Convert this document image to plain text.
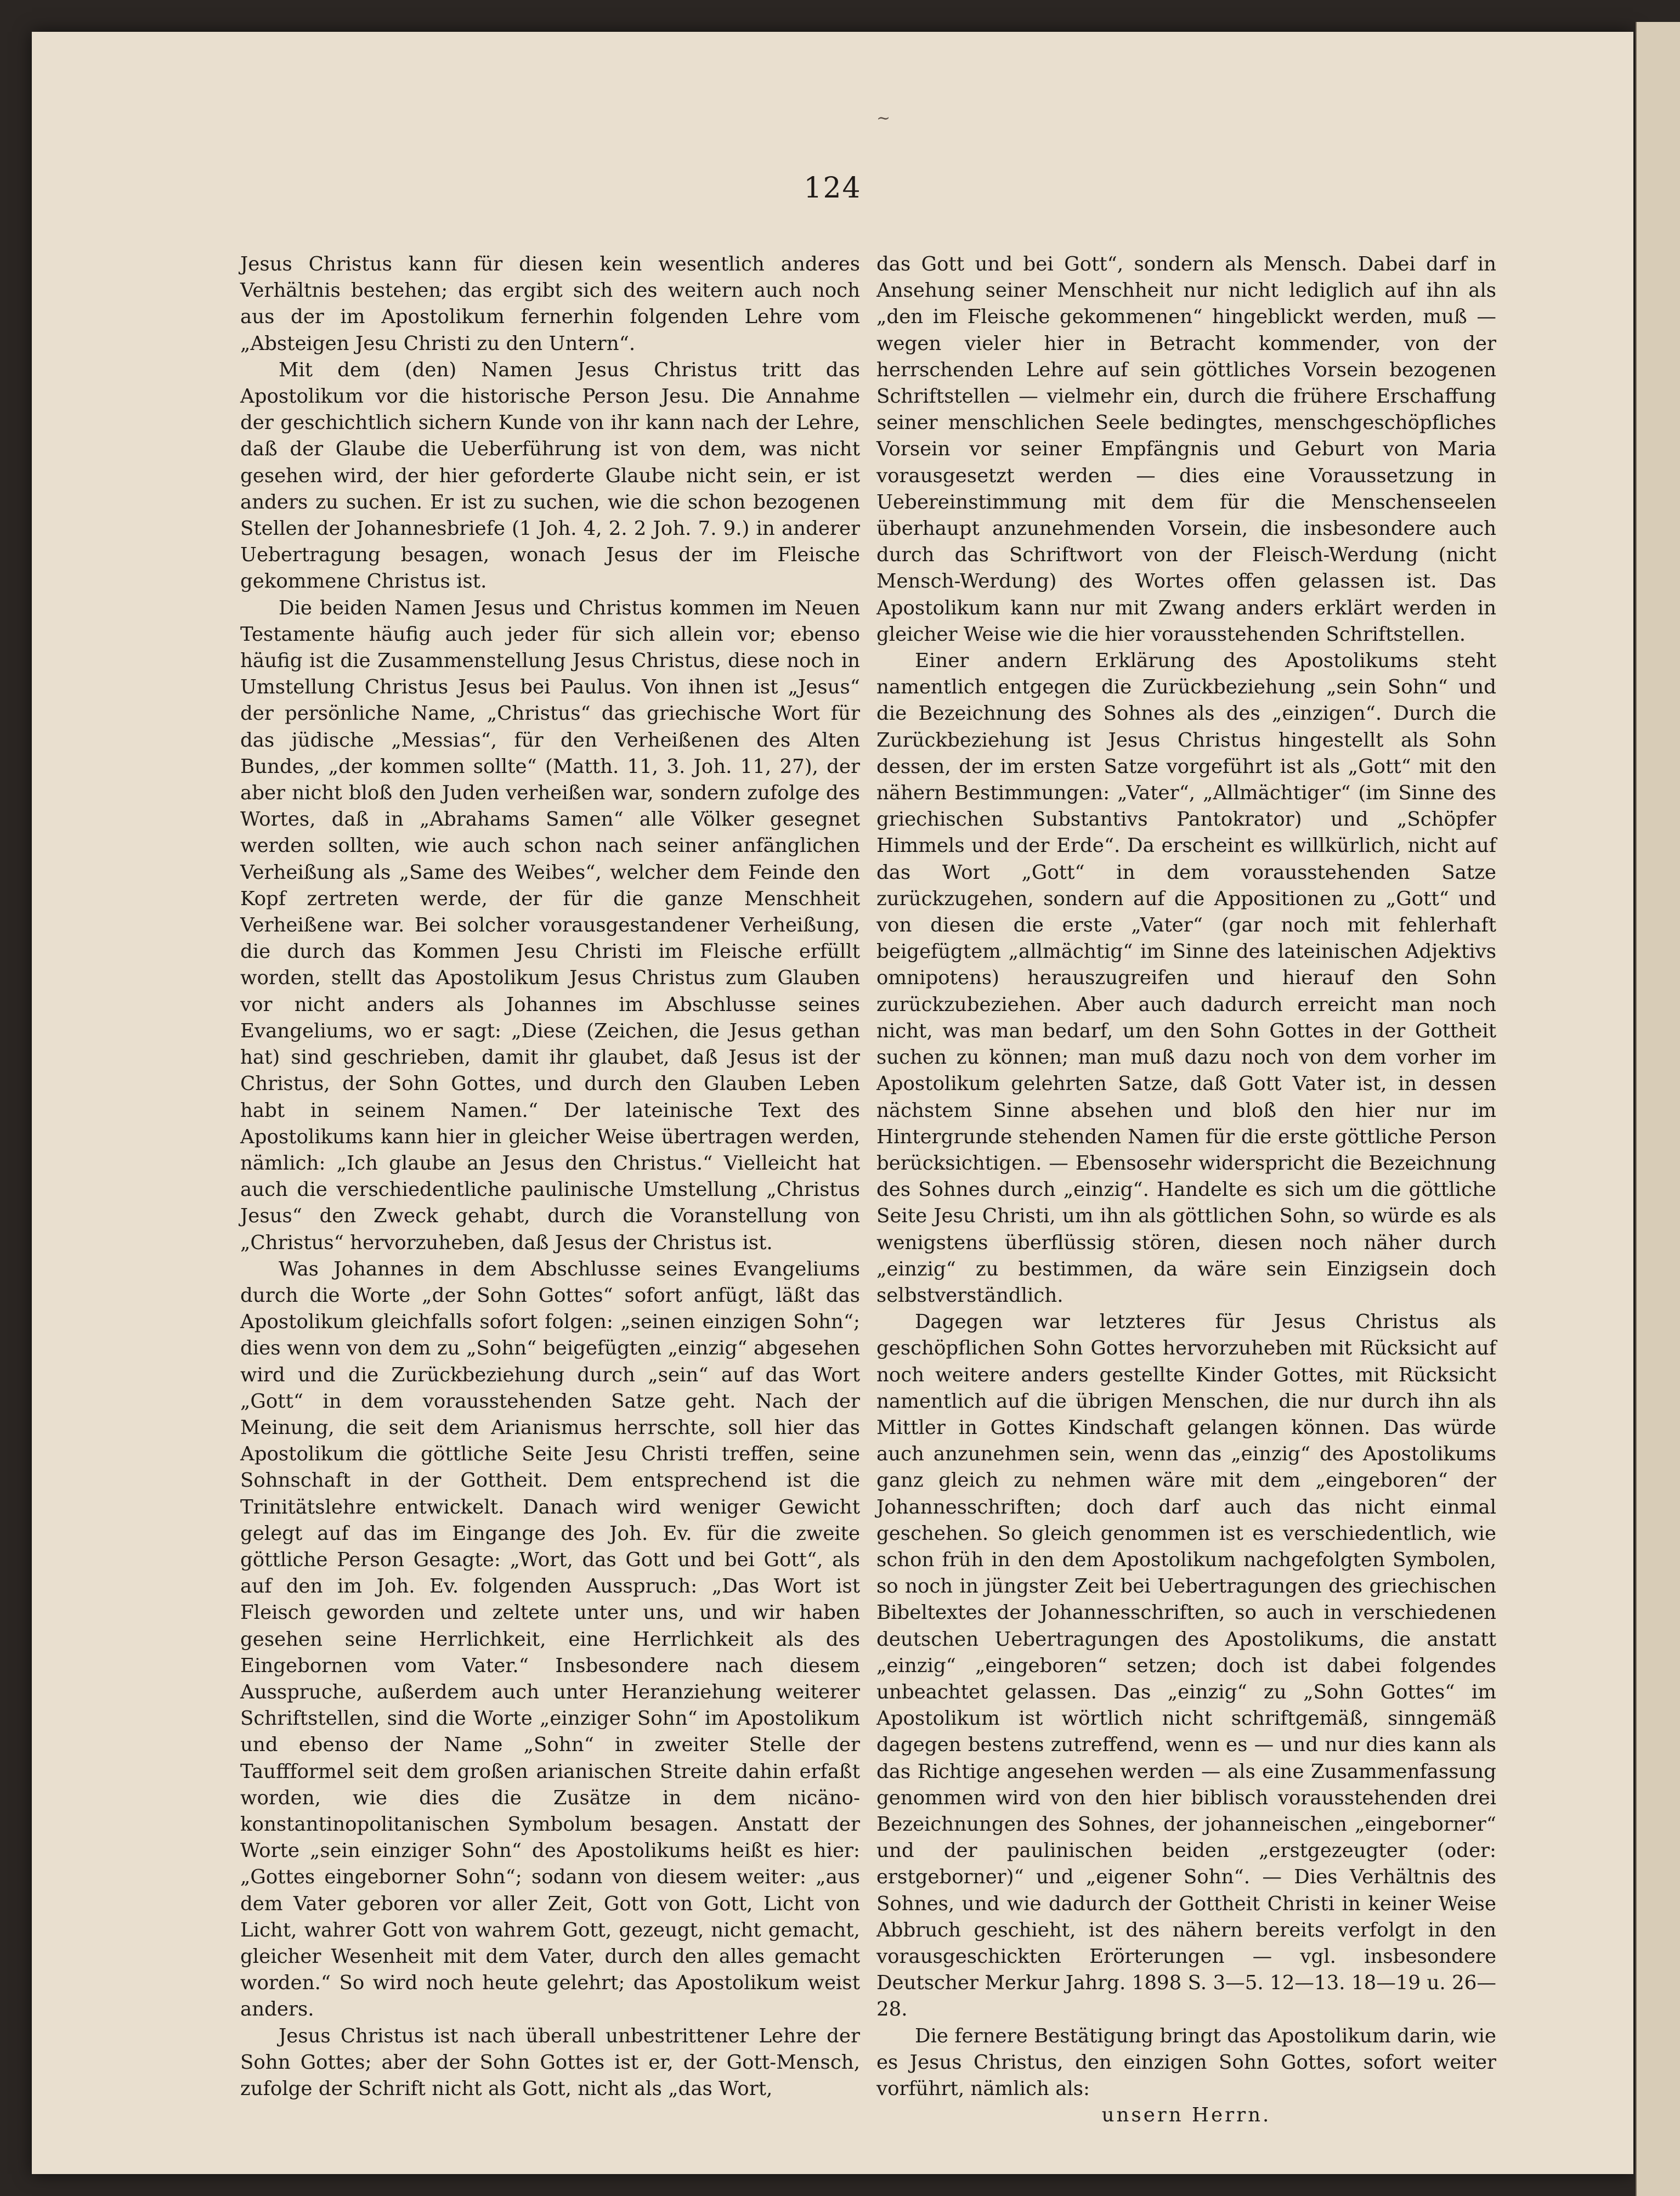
~
124

Jesus Christus kann für diesen kein wesentlich anderes Verhältnis bestehen; das ergibt sich des weitern auch noch aus der im Apostolikum fernerhin folgenden Lehre vom „Absteigen Jesu Christi zu den Untern“.

Mit dem (den) Namen Jesus Christus tritt das Apostolikum vor die historische Person Jesu. Die Annahme der geschichtlich sichern Kunde von ihr kann nach der Lehre, daß der Glaube die Ueberführung ist von dem, was nicht gesehen wird, der hier geforderte Glaube nicht sein, er ist anders zu suchen. Er ist zu suchen, wie die schon bezogenen Stellen der Johannesbriefe (1 Joh. 4, 2. 2 Joh. 7. 9.) in anderer Uebertragung besagen, wonach Jesus der im Fleische gekommene Christus ist.

Die beiden Namen Jesus und Christus kommen im Neuen Testamente häufig auch jeder für sich allein vor; ebenso häufig ist die Zusammenstellung Jesus Christus, diese noch in Umstellung Christus Jesus bei Paulus. Von ihnen ist „Jesus“ der persönliche Name, „Christus“ das griechische Wort für das jüdische „Messias“, für den Verheißenen des Alten Bundes, „der kommen sollte“ (Matth. 11, 3. Joh. 11, 27), der aber nicht bloß den Juden verheißen war, sondern zufolge des Wortes, daß in „Abrahams Samen“ alle Völker gesegnet werden sollten, wie auch schon nach seiner anfänglichen Verheißung als „Same des Weibes“, welcher dem Feinde den Kopf zertreten werde, der für die ganze Menschheit Verheißene war. Bei solcher vorausgestandener Verheißung, die durch das Kommen Jesu Christi im Fleische erfüllt worden, stellt das Apostolikum Jesus Christus zum Glauben vor nicht anders als Johannes im Abschlusse seines Evangeliums, wo er sagt: „Diese (Zeichen, die Jesus gethan hat) sind geschrieben, damit ihr glaubet, daß Jesus ist der Christus, der Sohn Gottes, und durch den Glauben Leben habt in seinem Namen.“ Der lateinische Text des Apostolikums kann hier in gleicher Weise übertragen werden, nämlich: „Ich glaube an Jesus den Christus.“ Vielleicht hat auch die verschiedentliche paulinische Umstellung „Christus Jesus“ den Zweck gehabt, durch die Voranstellung von „Christus“ hervorzuheben, daß Jesus der Christus ist.

Was Johannes in dem Abschlusse seines Evangeliums durch die Worte „der Sohn Gottes“ sofort anfügt, läßt das Apostolikum gleichfalls sofort folgen: „seinen einzigen Sohn“; dies wenn von dem zu „Sohn“ beigefügten „einzig“ abgesehen wird und die Zurückbeziehung durch „sein“ auf das Wort „Gott“ in dem vorausstehenden Satze geht. Nach der Meinung, die seit dem Arianismus herrschte, soll hier das Apostolikum die göttliche Seite Jesu Christi treffen, seine Sohnschaft in der Gottheit. Dem entsprechend ist die Trinitätslehre entwickelt. Danach wird weniger Gewicht gelegt auf das im Eingange des Joh. Ev. für die zweite göttliche Person Gesagte: „Wort, das Gott und bei Gott“, als auf den im Joh. Ev. folgenden Ausspruch: „Das Wort ist Fleisch geworden und zeltete unter uns, und wir haben gesehen seine Herrlichkeit, eine Herrlichkeit als des Eingebornen vom Vater.“ Insbesondere nach diesem Ausspruche, außerdem auch unter Heranziehung weiterer Schriftstellen, sind die Worte „einziger Sohn“ im Apostolikum und ebenso der Name „Sohn“ in zweiter Stelle der Tauffformel seit dem großen arianischen Streite dahin erfaßt worden, wie dies die Zusätze in dem nicäno-konstantinopolitanischen Symbolum besagen. Anstatt der Worte „sein einziger Sohn“ des Apostolikums heißt es hier: „Gottes eingeborner Sohn“; sodann von diesem weiter: „aus dem Vater geboren vor aller Zeit, Gott von Gott, Licht von Licht, wahrer Gott von wahrem Gott, gezeugt, nicht gemacht, gleicher Wesenheit mit dem Vater, durch den alles gemacht worden.“ So wird noch heute gelehrt; das Apostolikum weist anders.

Jesus Christus ist nach überall unbestrittener Lehre der Sohn Gottes; aber der Sohn Gottes ist er, der Gott-Mensch, zufolge der Schrift nicht als Gott, nicht als „das Wort,

das Gott und bei Gott“, sondern als Mensch. Dabei darf in Ansehung seiner Menschheit nur nicht lediglich auf ihn als „den im Fleische gekommenen“ hingeblickt werden, muß — wegen vieler hier in Betracht kommender, von der herrschenden Lehre auf sein göttliches Vorsein bezogenen Schriftstellen — vielmehr ein, durch die frühere Erschaffung seiner menschlichen Seele bedingtes, menschgeschöpfliches Vorsein vor seiner Empfängnis und Geburt von Maria vorausgesetzt werden — dies eine Voraussetzung in Uebereinstimmung mit dem für die Menschenseelen überhaupt anzunehmenden Vorsein, die insbesondere auch durch das Schriftwort von der Fleisch-Werdung (nicht Mensch-Werdung) des Wortes offen gelassen ist. Das Apostolikum kann nur mit Zwang anders erklärt werden in gleicher Weise wie die hier vorausstehenden Schriftstellen.

Einer andern Erklärung des Apostolikums steht namentlich entgegen die Zurückbeziehung „sein Sohn“ und die Bezeichnung des Sohnes als des „einzigen“. Durch die Zurückbeziehung ist Jesus Christus hingestellt als Sohn dessen, der im ersten Satze vorgeführt ist als „Gott“ mit den nähern Bestimmungen: „Vater“, „Allmächtiger“ (im Sinne des griechischen Substantivs Pantokrator) und „Schöpfer Himmels und der Erde“. Da erscheint es willkürlich, nicht auf das Wort „Gott“ in dem vorausstehenden Satze zurückzugehen, sondern auf die Appositionen zu „Gott“ und von diesen die erste „Vater“ (gar noch mit fehlerhaft beigefügtem „allmächtig“ im Sinne des lateinischen Adjektivs omnipotens) herauszugreifen und hierauf den Sohn zurückzubeziehen. Aber auch dadurch erreicht man noch nicht, was man bedarf, um den Sohn Gottes in der Gottheit suchen zu können; man muß dazu noch von dem vorher im Apostolikum gelehrten Satze, daß Gott Vater ist, in dessen nächstem Sinne absehen und bloß den hier nur im Hintergrunde stehenden Namen für die erste göttliche Person berücksichtigen. — Ebensosehr widerspricht die Bezeichnung des Sohnes durch „einzig“. Handelte es sich um die göttliche Seite Jesu Christi, um ihn als göttlichen Sohn, so würde es als wenigstens überflüssig stören, diesen noch näher durch „einzig“ zu bestimmen, da wäre sein Einzigsein doch selbstverständlich.

Dagegen war letzteres für Jesus Christus als geschöpflichen Sohn Gottes hervorzuheben mit Rücksicht auf noch weitere anders gestellte Kinder Gottes, mit Rücksicht namentlich auf die übrigen Menschen, die nur durch ihn als Mittler in Gottes Kindschaft gelangen können. Das würde auch anzunehmen sein, wenn das „einzig“ des Apostolikums ganz gleich zu nehmen wäre mit dem „eingeboren“ der Johannesschriften; doch darf auch das nicht einmal geschehen. So gleich genommen ist es verschiedentlich, wie schon früh in den dem Apostolikum nachgefolgten Symbolen, so noch in jüngster Zeit bei Uebertragungen des griechischen Bibeltextes der Johannesschriften, so auch in verschiedenen deutschen Uebertragungen des Apostolikums, die anstatt „einzig“ „eingeboren“ setzen; doch ist dabei folgendes unbeachtet gelassen. Das „einzig“ zu „Sohn Gottes“ im Apostolikum ist wörtlich nicht schriftgemäß, sinngemäß dagegen bestens zutreffend, wenn es — und nur dies kann als das Richtige angesehen werden — als eine Zusammenfassung genommen wird von den hier biblisch vorausstehenden drei Bezeichnungen des Sohnes, der johanneischen „eingeborner“ und der paulinischen beiden „erstgezeugter (oder: erstgeborner)“ und „eigener Sohn“. — Dies Verhältnis des Sohnes, und wie dadurch der Gottheit Christi in keiner Weise Abbruch geschieht, ist des nähern bereits verfolgt in den vorausgeschickten Erörterungen — vgl. insbesondere Deutscher Merkur Jahrg. 1898 S. 3—5. 12—13. 18—19 u. 26—28.

Die fernere Bestätigung bringt das Apostolikum darin, wie es Jesus Christus, den einzigen Sohn Gottes, sofort weiter vorführt, nämlich als:

unsern Herrn.
